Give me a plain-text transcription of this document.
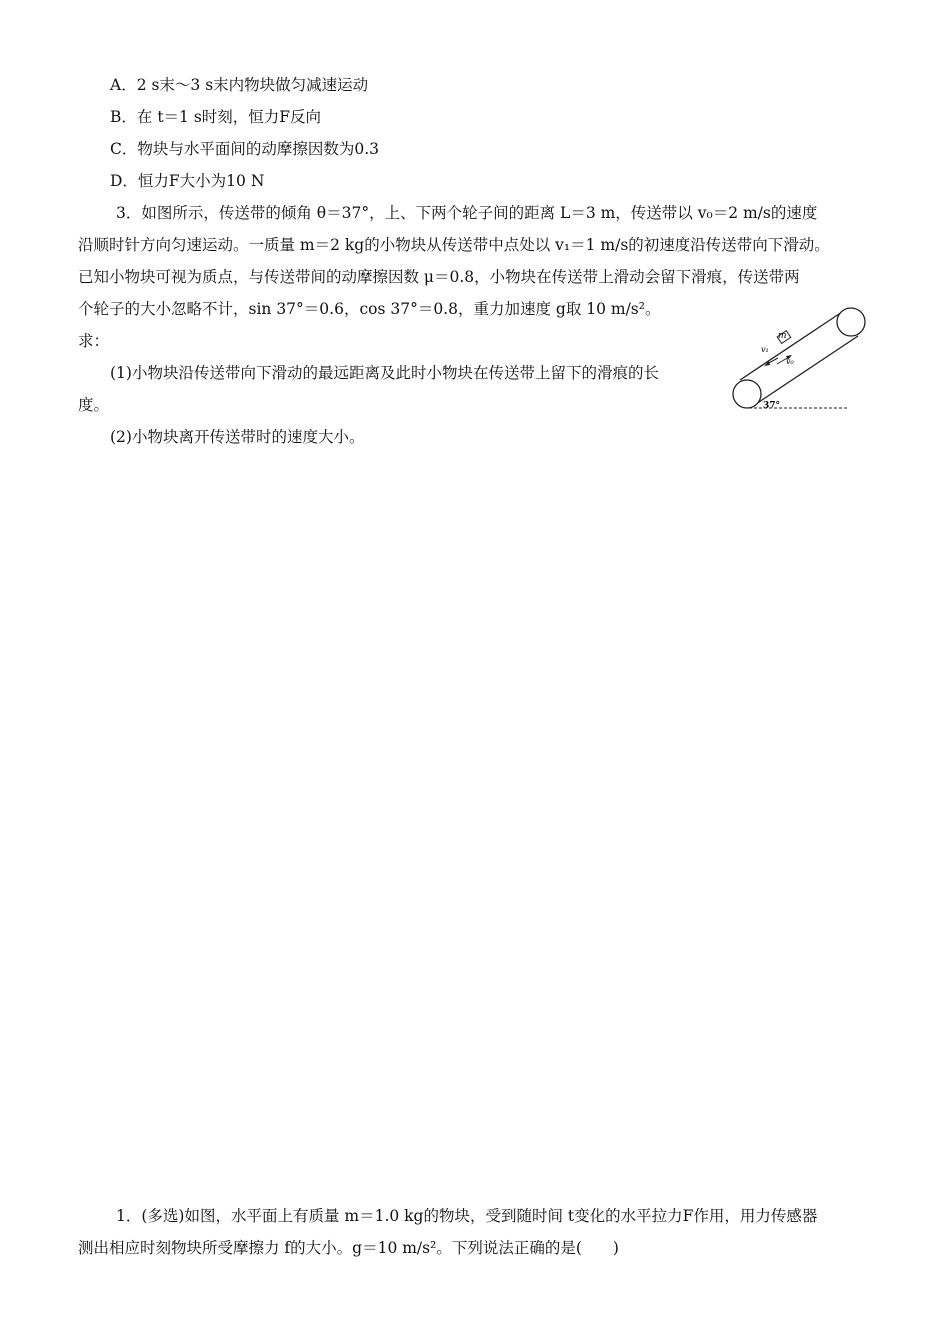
A．2 s末～3 s末内物块做匀减速运动
B．在 t＝1 s时刻，恒力F反向
C．物块与水平面间的动摩擦因数为0.3
D．恒力F大小为10 N
3．如图所示，传送带的倾角 θ＝37°，上、下两个轮子间的距离 L＝3 m，传送带以 v₀＝2 m/s的速度
沿顺时针方向匀速运动。一质量 m＝2 kg的小物块从传送带中点处以 v₁＝1 m/s的初速度沿传送带向下滑动。
已知小物块可视为质点，与传送带间的动摩擦因数 μ＝0.8，小物块在传送带上滑动会留下滑痕，传送带两
个轮子的大小忽略不计，sin 37°＝0.6，cos 37°＝0.8，重力加速度 g取 10 m/s²。
求：
(1)小物块沿传送带向下滑动的最远距离及此时小物块在传送带上留下的滑痕的长
度。
(2)小物块离开传送带时的速度大小。
m
v₁
v₀
37°
1．(多选)如图，水平面上有质量 m＝1.0 kg的物块，受到随时间 t变化的水平拉力F作用，用力传感器
测出相应时刻物块所受摩擦力 f的大小。g＝10 m/s²。下列说法正确的是(　　)
